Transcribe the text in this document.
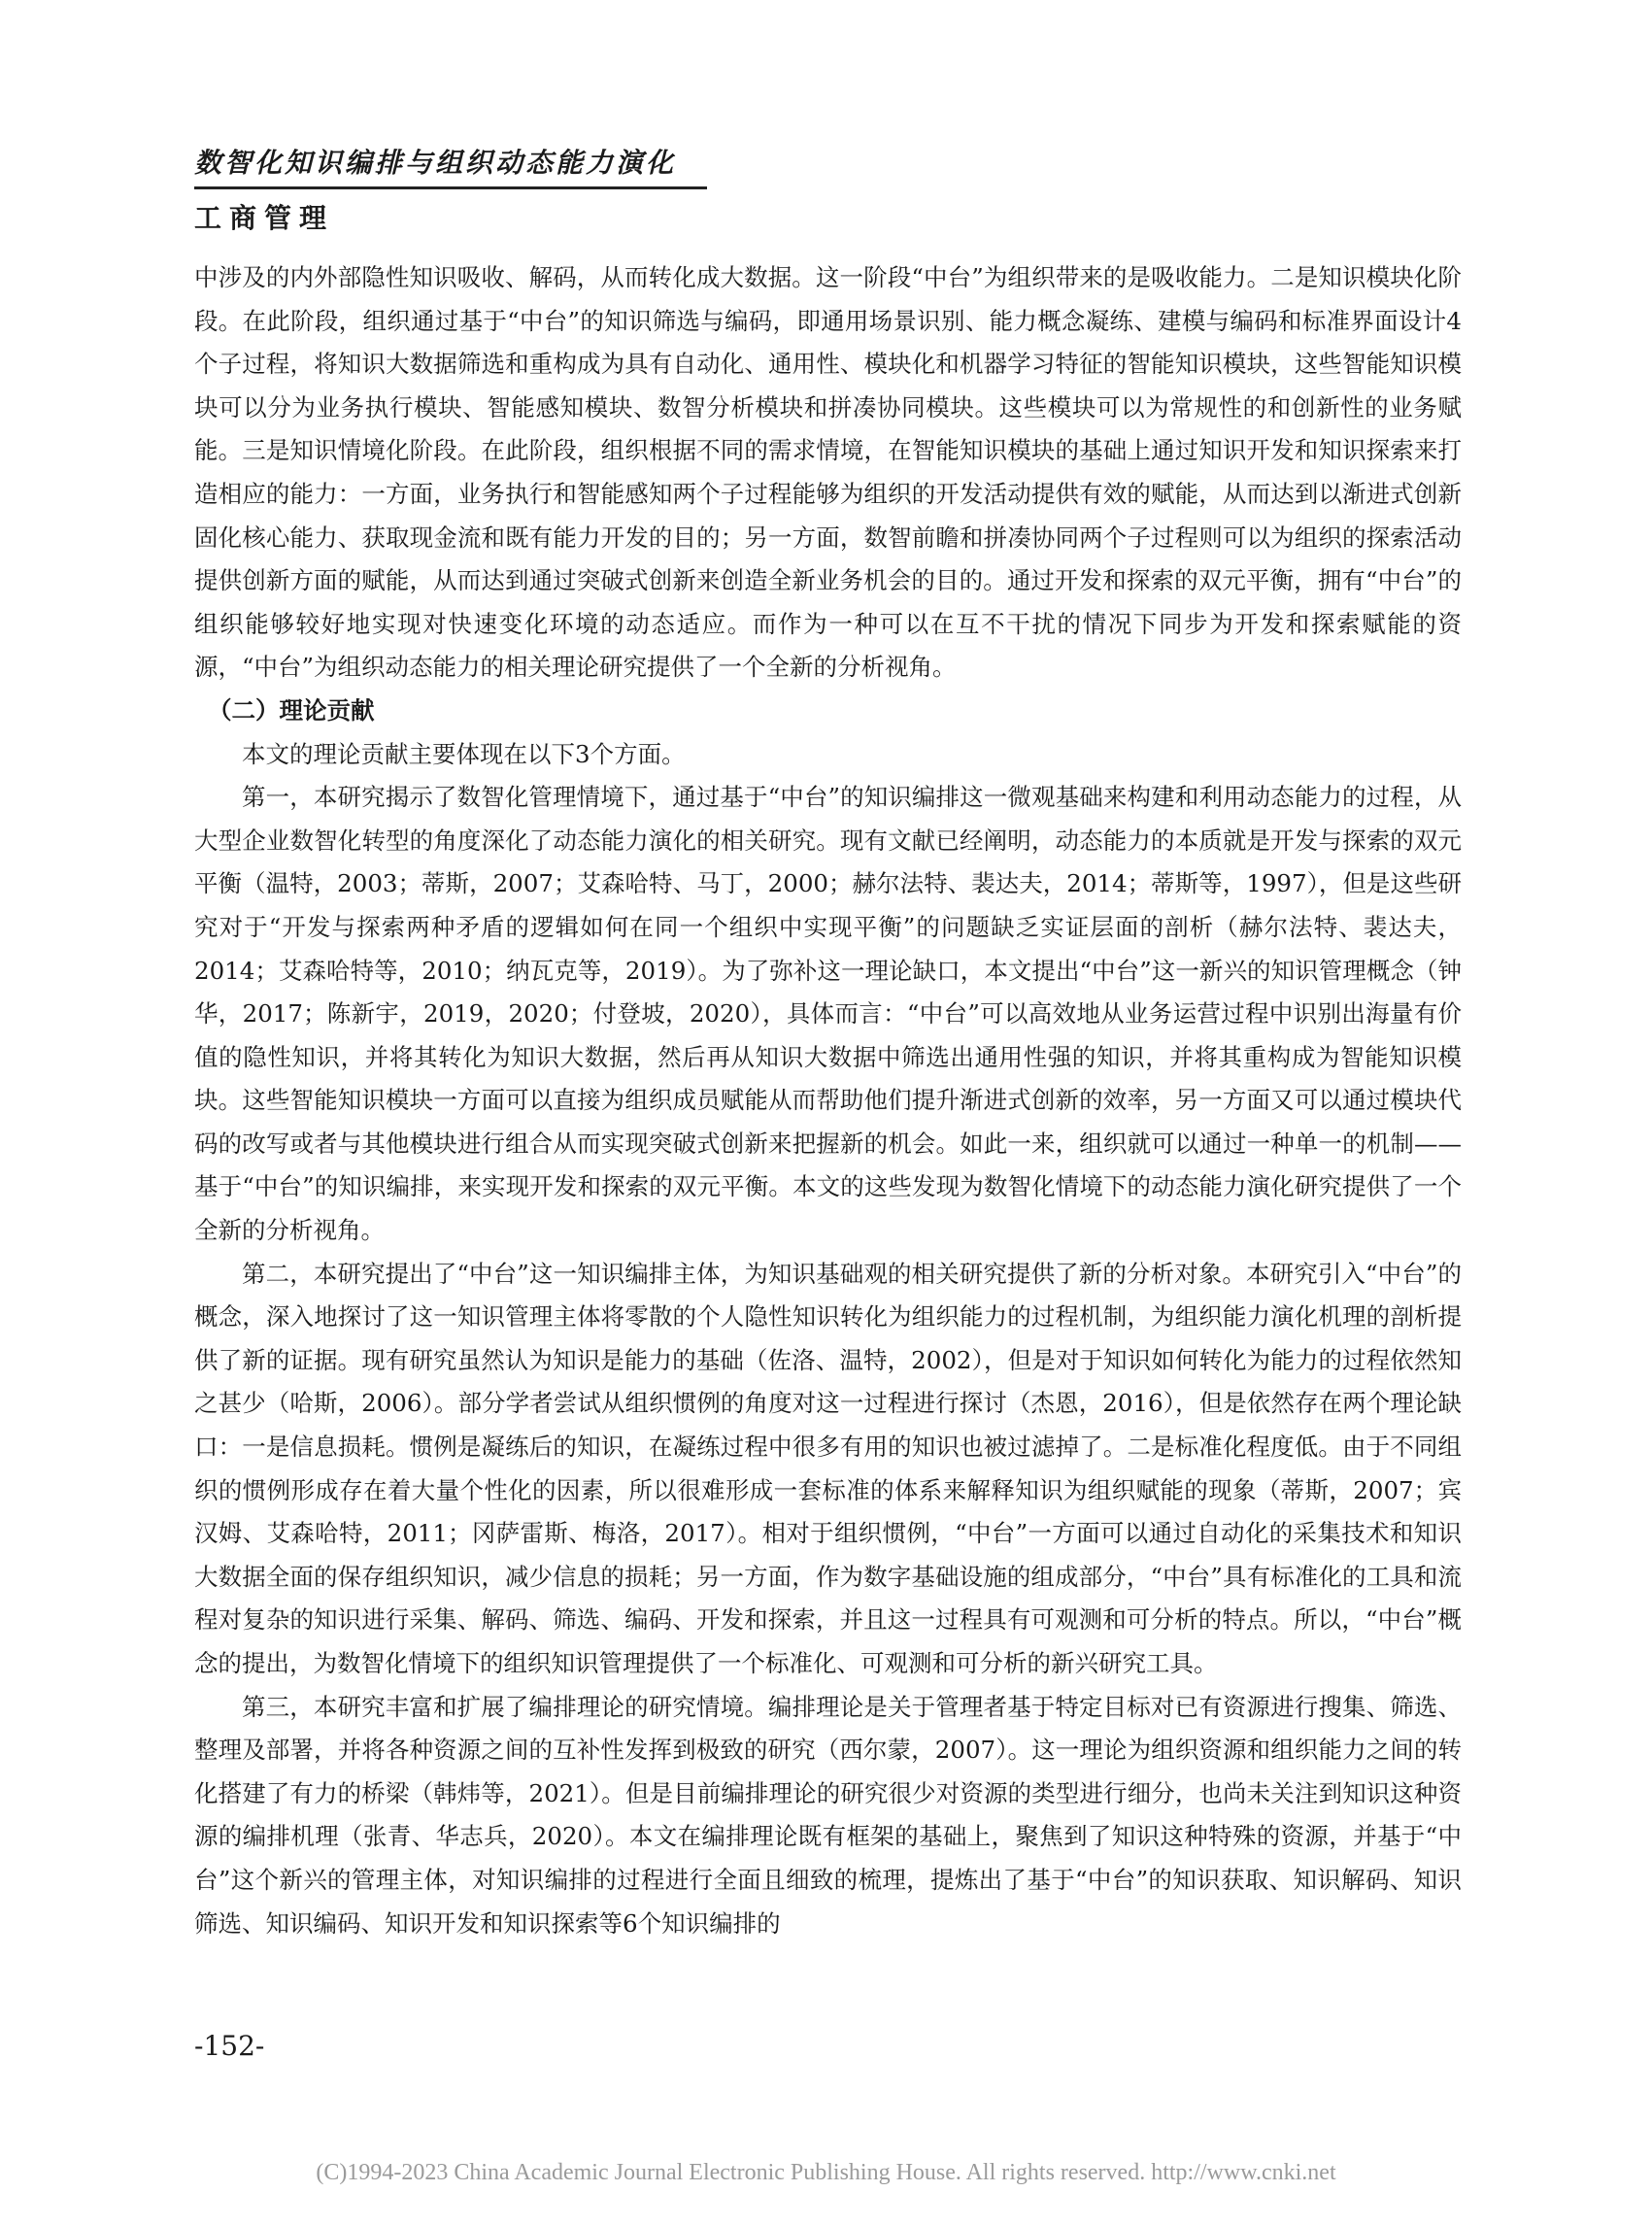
数智化知识编排与组织动态能力演化
工商管理

中涉及的内外部隐性知识吸收、解码，从而转化成大数据。这一阶段“中台”为组织带来的是吸收能力。二是知识模块化阶段。在此阶段，组织通过基于“中台”的知识筛选与编码，即通用场景识别、能力概念凝练、建模与编码和标准界面设计4个子过程，将知识大数据筛选和重构成为具有自动化、通用性、模块化和机器学习特征的智能知识模块，这些智能知识模块可以分为业务执行模块、智能感知模块、数智分析模块和拼凑协同模块。这些模块可以为常规性的和创新性的业务赋能。三是知识情境化阶段。在此阶段，组织根据不同的需求情境，在智能知识模块的基础上通过知识开发和知识探索来打造相应的能力：一方面，业务执行和智能感知两个子过程能够为组织的开发活动提供有效的赋能，从而达到以渐进式创新固化核心能力、获取现金流和既有能力开发的目的；另一方面，数智前瞻和拼凑协同两个子过程则可以为组织的探索活动提供创新方面的赋能，从而达到通过突破式创新来创造全新业务机会的目的。通过开发和探索的双元平衡，拥有“中台”的组织能够较好地实现对快速变化环境的动态适应。而作为一种可以在互不干扰的情况下同步为开发和探索赋能的资源，“中台”为组织动态能力的相关理论研究提供了一个全新的分析视角。

（二）理论贡献

本文的理论贡献主要体现在以下3个方面。

第一，本研究揭示了数智化管理情境下，通过基于“中台”的知识编排这一微观基础来构建和利用动态能力的过程，从大型企业数智化转型的角度深化了动态能力演化的相关研究。现有文献已经阐明，动态能力的本质就是开发与探索的双元平衡（温特，2003；蒂斯，2007；艾森哈特、马丁，2000；赫尔法特、裴达夫，2014；蒂斯等，1997），但是这些研究对于“开发与探索两种矛盾的逻辑如何在同一个组织中实现平衡”的问题缺乏实证层面的剖析（赫尔法特、裴达夫，2014；艾森哈特等，2010；纳瓦克等，2019）。为了弥补这一理论缺口，本文提出“中台”这一新兴的知识管理概念（钟华，2017；陈新宇，2019，2020；付登坡，2020），具体而言：“中台”可以高效地从业务运营过程中识别出海量有价值的隐性知识，并将其转化为知识大数据，然后再从知识大数据中筛选出通用性强的知识，并将其重构成为智能知识模块。这些智能知识模块一方面可以直接为组织成员赋能从而帮助他们提升渐进式创新的效率，另一方面又可以通过模块代码的改写或者与其他模块进行组合从而实现突破式创新来把握新的机会。如此一来，组织就可以通过一种单一的机制——基于“中台”的知识编排，来实现开发和探索的双元平衡。本文的这些发现为数智化情境下的动态能力演化研究提供了一个全新的分析视角。

第二，本研究提出了“中台”这一知识编排主体，为知识基础观的相关研究提供了新的分析对象。本研究引入“中台”的概念，深入地探讨了这一知识管理主体将零散的个人隐性知识转化为组织能力的过程机制，为组织能力演化机理的剖析提供了新的证据。现有研究虽然认为知识是能力的基础（佐洛、温特，2002），但是对于知识如何转化为能力的过程依然知之甚少（哈斯，2006）。部分学者尝试从组织惯例的角度对这一过程进行探讨（杰恩，2016），但是依然存在两个理论缺口：一是信息损耗。惯例是凝练后的知识，在凝练过程中很多有用的知识也被过滤掉了。二是标准化程度低。由于不同组织的惯例形成存在着大量个性化的因素，所以很难形成一套标准的体系来解释知识为组织赋能的现象（蒂斯，2007；宾汉姆、艾森哈特，2011；冈萨雷斯、梅洛，2017）。相对于组织惯例，“中台”一方面可以通过自动化的采集技术和知识大数据全面的保存组织知识，减少信息的损耗；另一方面，作为数字基础设施的组成部分，“中台”具有标准化的工具和流程对复杂的知识进行采集、解码、筛选、编码、开发和探索，并且这一过程具有可观测和可分析的特点。所以，“中台”概念的提出，为数智化情境下的组织知识管理提供了一个标准化、可观测和可分析的新兴研究工具。

第三，本研究丰富和扩展了编排理论的研究情境。编排理论是关于管理者基于特定目标对已有资源进行搜集、筛选、整理及部署，并将各种资源之间的互补性发挥到极致的研究（西尔蒙，2007）。这一理论为组织资源和组织能力之间的转化搭建了有力的桥梁（韩炜等，2021）。但是目前编排理论的研究很少对资源的类型进行细分，也尚未关注到知识这种资源的编排机理（张青、华志兵，2020）。本文在编排理论既有框架的基础上，聚焦到了知识这种特殊的资源，并基于“中台”这个新兴的管理主体，对知识编排的过程进行全面且细致的梳理，提炼出了基于“中台”的知识获取、知识解码、知识筛选、知识编码、知识开发和知识探索等6个知识编排的

-152-
(C)1994-2023 China Academic Journal Electronic Publishing House. All rights reserved. http://www.cnki.net
